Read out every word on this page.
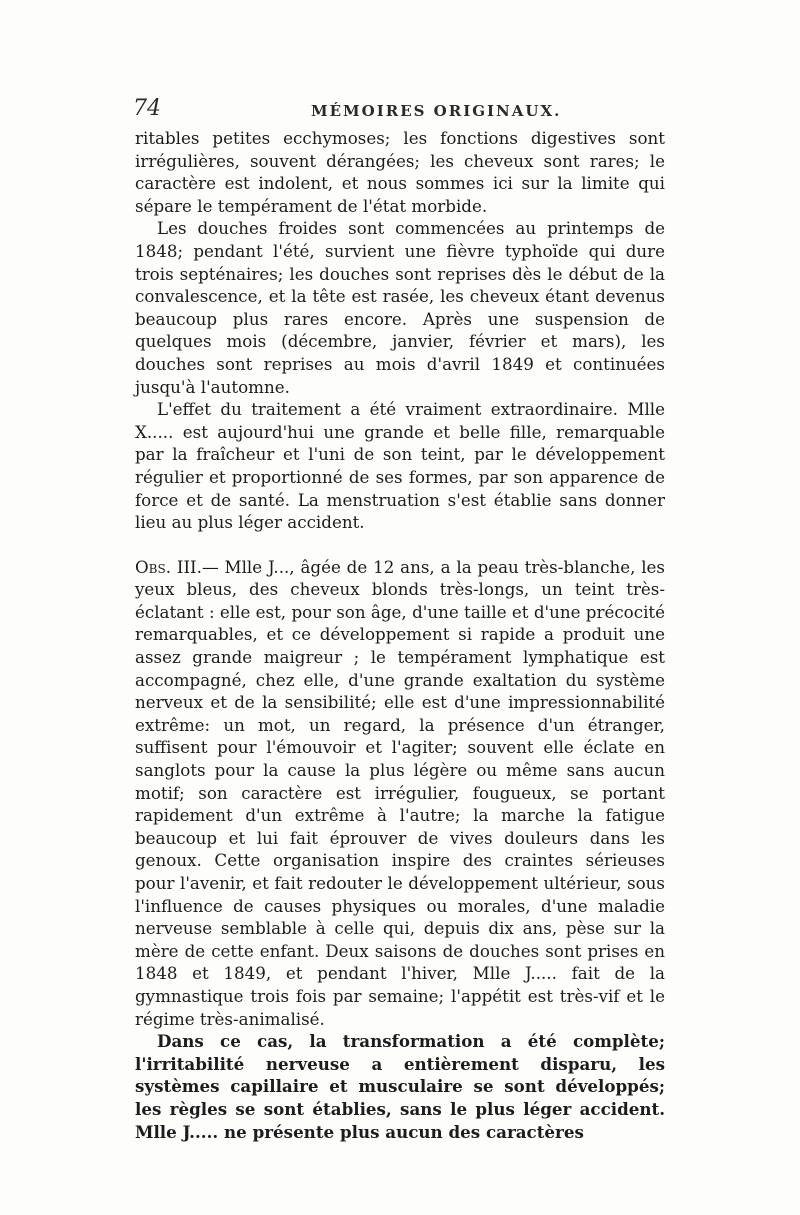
74	MÉMOIRES ORIGINAUX.

ritables petites ecchymoses; les fonctions digestives sont irrégulières, souvent dérangées; les cheveux sont rares; le caractère est indolent, et nous sommes ici sur la limite qui sépare le tempérament de l'état morbide.

Les douches froides sont commencées au printemps de 1848; pendant l'été, survient une fièvre typhoïde qui dure trois septénaires; les douches sont reprises dès le début de la convalescence, et la tête est rasée, les cheveux étant devenus beaucoup plus rares encore. Après une suspension de quelques mois (décembre, janvier, février et mars), les douches sont reprises au mois d'avril 1849 et continuées jusqu'à l'automne.

L'effet du traitement a été vraiment extraordinaire. Mlle X..... est aujourd'hui une grande et belle fille, remarquable par la fraîcheur et l'uni de son teint, par le développement régulier et proportionné de ses formes, par son apparence de force et de santé. La menstruation s'est établie sans donner lieu au plus léger accident.

Obs. III.— Mlle J..., âgée de 12 ans, a la peau très-blanche, les yeux bleus, des cheveux blonds très-longs, un teint très-éclatant : elle est, pour son âge, d'une taille et d'une précocité remarquables, et ce développement si rapide a produit une assez grande maigreur ; le tempérament lymphatique est accompagné, chez elle, d'une grande exaltation du système nerveux et de la sensibilité; elle est d'une impressionnabilité extrême: un mot, un regard, la présence d'un étranger, suffisent pour l'émouvoir et l'agiter; souvent elle éclate en sanglots pour la cause la plus légère ou même sans aucun motif; son caractère est irrégulier, fougueux, se portant rapidement d'un extrême à l'autre; la marche la fatigue beaucoup et lui fait éprouver de vives douleurs dans les genoux. Cette organisation inspire des craintes sérieuses pour l'avenir, et fait redouter le développement ultérieur, sous l'influence de causes physiques ou morales, d'une maladie nerveuse semblable à celle qui, depuis dix ans, pèse sur la mère de cette enfant. Deux saisons de douches sont prises en 1848 et 1849, et pendant l'hiver, Mlle J..... fait de la gymnastique trois fois par semaine; l'appétit est très-vif et le régime très-animalisé.

Dans ce cas, la transformation a été complète; l'irritabilité nerveuse a entièrement disparu, les systèmes capillaire et musculaire se sont développés; les règles se sont établies, sans le plus léger accident. Mlle J..... ne présente plus aucun des caractères
